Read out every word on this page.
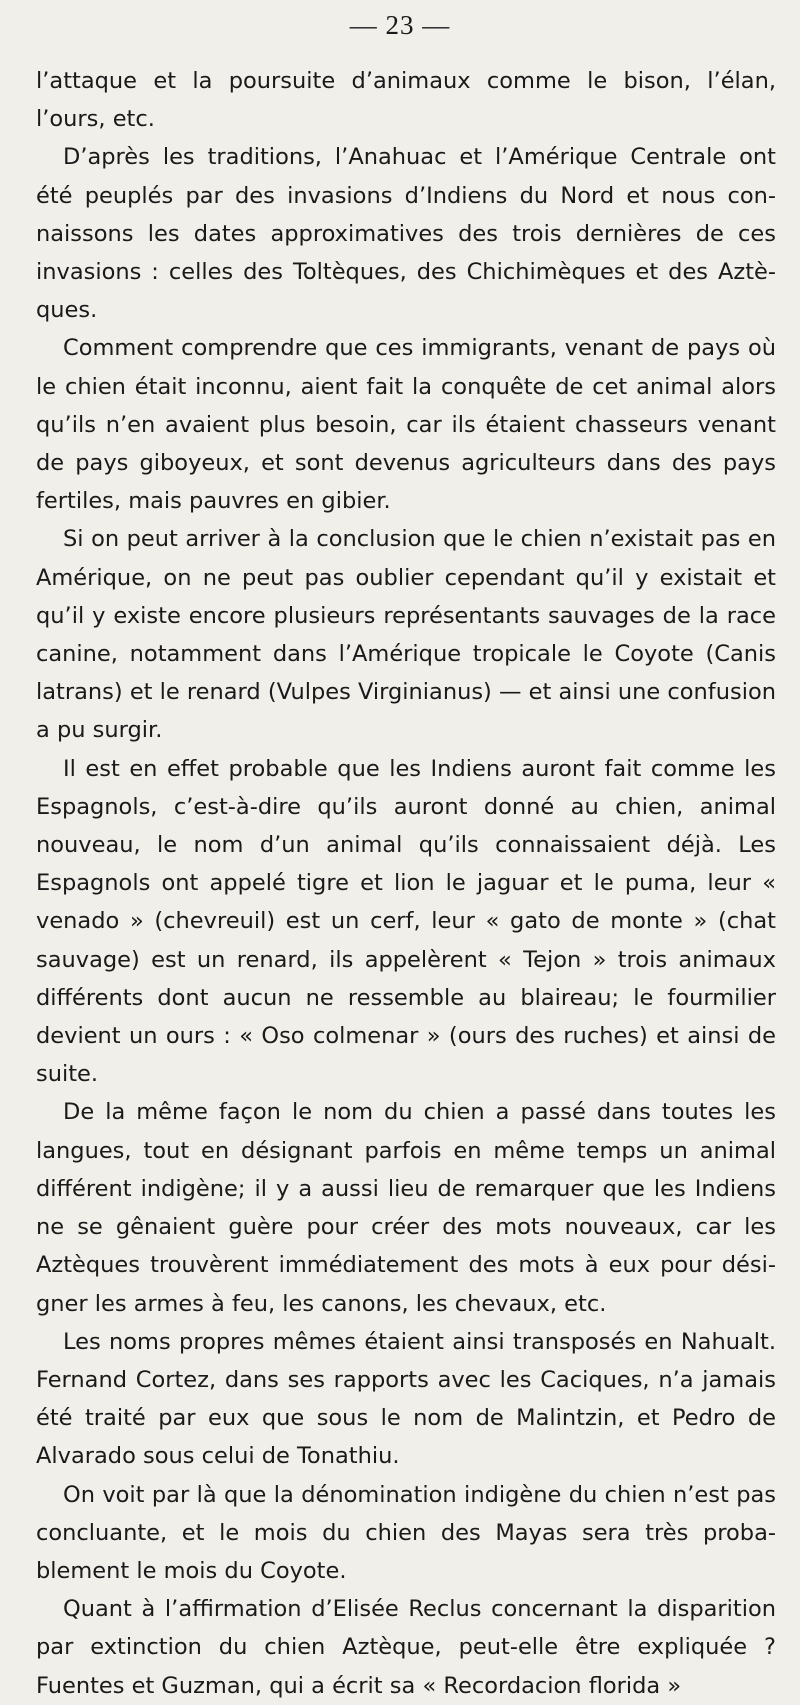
— 23 —

l’attaque et la poursuite d’animaux comme le bison, l’élan, l’ours, etc.

D’après les traditions, l’Anahuac et l’Amérique Centrale ont été peuplés par des invasions d’Indiens du Nord et nous connaissons les dates approximatives des trois dernières de ces invasions : celles des Toltèques, des Chichimèques et des Aztèques.

Comment comprendre que ces immigrants, venant de pays où le chien était inconnu, aient fait la conquête de cet animal alors qu’ils n’en avaient plus besoin, car ils étaient chasseurs venant de pays giboyeux, et sont devenus agriculteurs dans des pays fertiles, mais pauvres en gibier.

Si on peut arriver à la conclusion que le chien n’existait pas en Amérique, on ne peut pas oublier cependant qu’il y existait et qu’il y existe encore plusieurs représentants sauvages de la race canine, notamment dans l’Amérique tropicale le Coyote (Canis latrans) et le renard (Vulpes Virginianus) — et ainsi une confusion a pu surgir.

Il est en effet probable que les Indiens auront fait comme les Espagnols, c’est-à-dire qu’ils auront donné au chien, animal nouveau, le nom d’un animal qu’ils connaissaient déjà. Les Espagnols ont appelé tigre et lion le jaguar et le puma, leur « venado » (chevreuil) est un cerf, leur « gato de monte » (chat sauvage) est un renard, ils appelèrent « Tejon » trois animaux différents dont aucun ne ressemble au blaireau; le fourmilier devient un ours : « Oso colmenar » (ours des ruches) et ainsi de suite.

De la même façon le nom du chien a passé dans toutes les langues, tout en désignant parfois en même temps un animal différent indigène; il y a aussi lieu de remarquer que les Indiens ne se gênaient guère pour créer des mots nouveaux, car les Aztèques trouvèrent immédiatement des mots à eux pour désigner les armes à feu, les canons, les chevaux, etc.

Les noms propres mêmes étaient ainsi transposés en Nahualt. Fernand Cortez, dans ses rapports avec les Caciques, n’a jamais été traité par eux que sous le nom de Malintzin, et Pedro de Alvarado sous celui de Tonathiu.

On voit par là que la dénomination indigène du chien n’est pas concluante, et le mois du chien des Mayas sera très probablement le mois du Coyote.

Quant à l’affirmation d’Elisée Reclus concernant la disparition par extinction du chien Aztèque, peut-elle être expliquée ? Fuentes et Guzman, qui a écrit sa « Recordacion florida »
